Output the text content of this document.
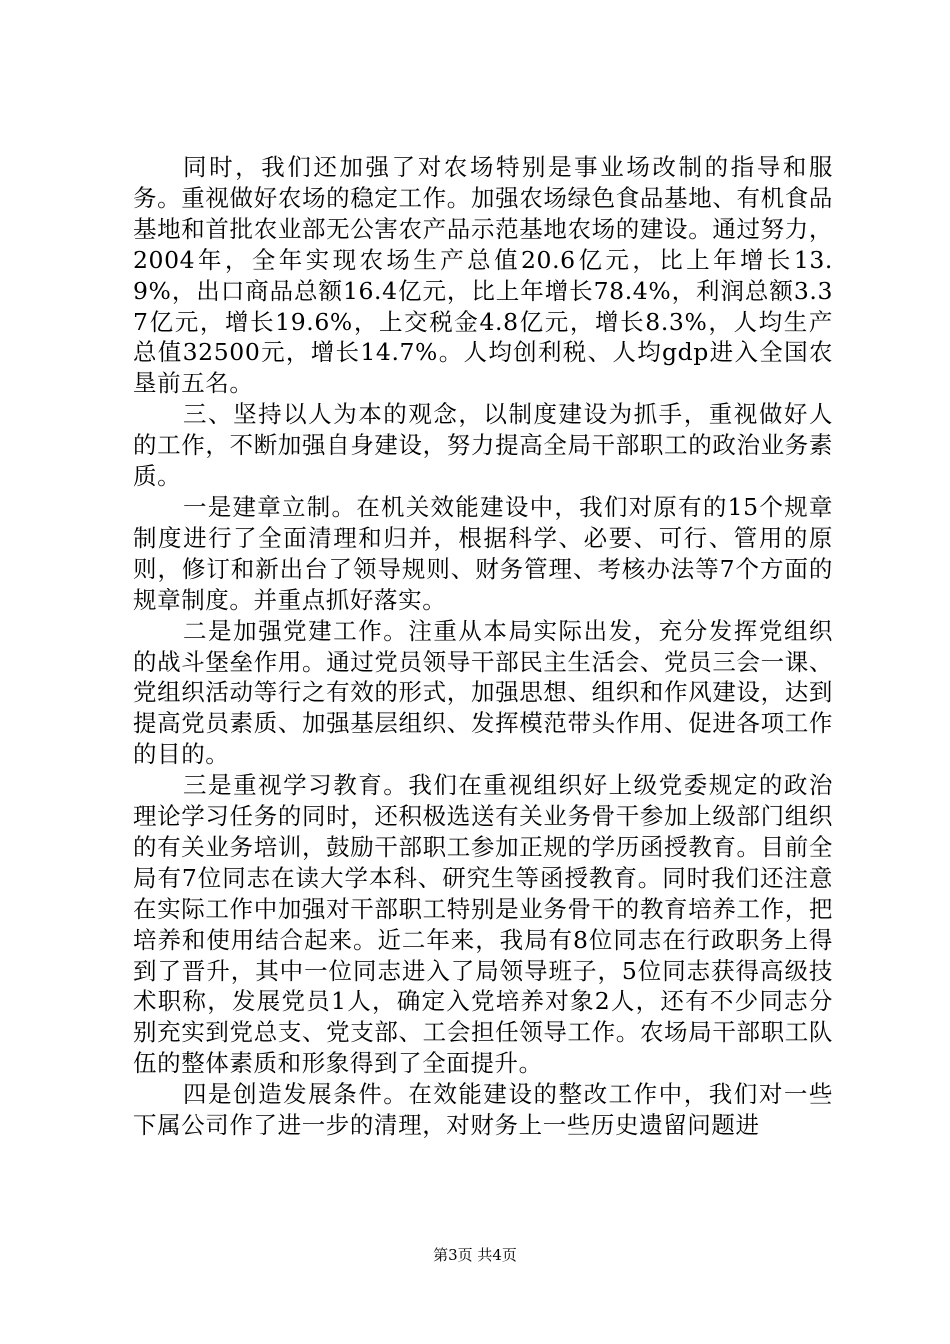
同时，我们还加强了对农场特别是事业场改制的指导和服务。重视做好农场的稳定工作。加强农场绿色食品基地、有机食品基地和首批农业部无公害农产品示范基地农场的建设。通过努力，2004年，全年实现农场生产总值20.6亿元，比上年增长13.9%，出口商品总额16.4亿元，比上年增长78.4%，利润总额3.37亿元，增长19.6%，上交税金4.8亿元，增长8.3%，人均生产总值32500元，增长14.7%。人均创利税、人均gdp进入全国农垦前五名。

三、坚持以人为本的观念，以制度建设为抓手，重视做好人的工作，不断加强自身建设，努力提高全局干部职工的政治业务素质。

一是建章立制。在机关效能建设中，我们对原有的15个规章制度进行了全面清理和归并，根据科学、必要、可行、管用的原则，修订和新出台了领导规则、财务管理、考核办法等7个方面的规章制度。并重点抓好落实。

二是加强党建工作。注重从本局实际出发，充分发挥党组织的战斗堡垒作用。通过党员领导干部民主生活会、党员三会一课、党组织活动等行之有效的形式，加强思想、组织和作风建设，达到提高党员素质、加强基层组织、发挥模范带头作用、促进各项工作的目的。

三是重视学习教育。我们在重视组织好上级党委规定的政治理论学习任务的同时，还积极选送有关业务骨干参加上级部门组织的有关业务培训，鼓励干部职工参加正规的学历函授教育。目前全局有7位同志在读大学本科、研究生等函授教育。同时我们还注意在实际工作中加强对干部职工特别是业务骨干的教育培养工作，把培养和使用结合起来。近二年来，我局有8位同志在行政职务上得到了晋升，其中一位同志进入了局领导班子，5位同志获得高级技术职称，发展党员1人，确定入党培养对象2人，还有不少同志分别充实到党总支、党支部、工会担任领导工作。农场局干部职工队伍的整体素质和形象得到了全面提升。

四是创造发展条件。在效能建设的整改工作中，我们对一些下属公司作了进一步的清理，对财务上一些历史遗留问题进

第3页 共4页
